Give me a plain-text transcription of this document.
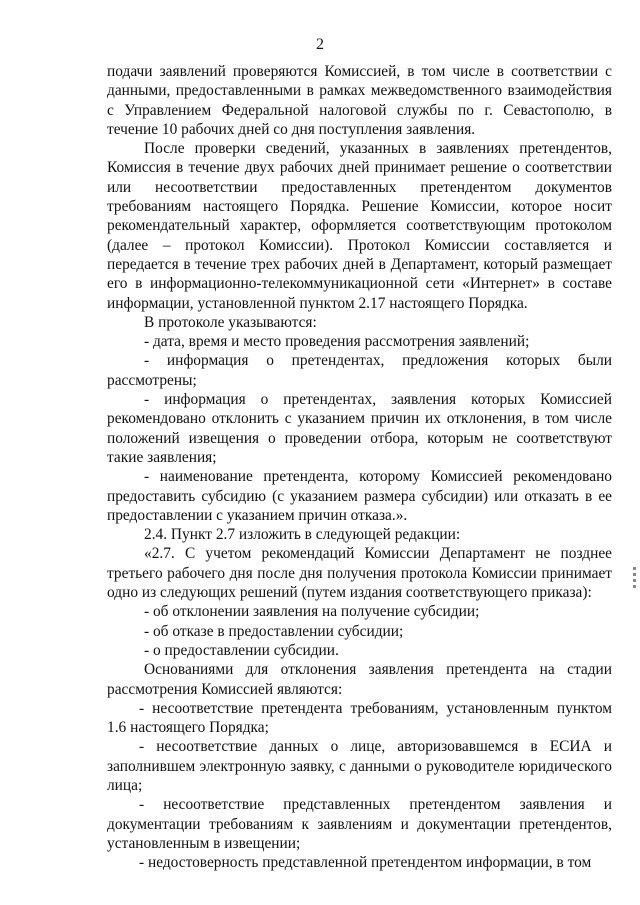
2

подачи заявлений проверяются Комиссией, в том числе в соответствии с данными, предоставленными в рамках межведомственного взаимодействия с Управлением Федеральной налоговой службы по г. Севастополю, в течение 10 рабочих дней со дня поступления заявления.

После проверки сведений, указанных в заявлениях претендентов, Комиссия в течение двух рабочих дней принимает решение о соответствии или несоответствии предоставленных претендентом документов требованиям настоящего Порядка. Решение Комиссии, которое носит рекомендательный характер, оформляется соответствующим протоколом (далее – протокол Комиссии). Протокол Комиссии составляется и передается в течение трех рабочих дней в Департамент, который размещает его в информационно-телекоммуникационной сети «Интернет» в составе информации, установленной пунктом 2.17 настоящего Порядка.

В протоколе указываются:

- дата, время и место проведения рассмотрения заявлений;

- информация о претендентах, предложения которых были рассмотрены;

- информация о претендентах, заявления которых Комиссией рекомендовано отклонить с указанием причин их отклонения, в том числе положений извещения о проведении отбора, которым не соответствуют такие заявления;

- наименование претендента, которому Комиссией рекомендовано предоставить субсидию (с указанием размера субсидии) или отказать в ее предоставлении с указанием причин отказа.».

2.4. Пункт 2.7 изложить в следующей редакции:

«2.7. С учетом рекомендаций Комиссии Департамент не позднее третьего рабочего дня после дня получения протокола Комиссии принимает одно из следующих решений (путем издания соответствующего приказа):

- об отклонении заявления на получение субсидии;

- об отказе в предоставлении субсидии;

- о предоставлении субсидии.

Основаниями для отклонения заявления претендента на стадии рассмотрения Комиссией являются:

- несоответствие претендента требованиям, установленным пунктом 1.6 настоящего Порядка;

- несоответствие данных о лице, авторизовавшемся в ЕСИА и заполнившем электронную заявку, с данными о руководителе юридического лица;

- несоответствие представленных претендентом заявления и документации требованиям к заявлениям и документации претендентов, установленным в извещении;

- недостоверность представленной претендентом информации, в том
